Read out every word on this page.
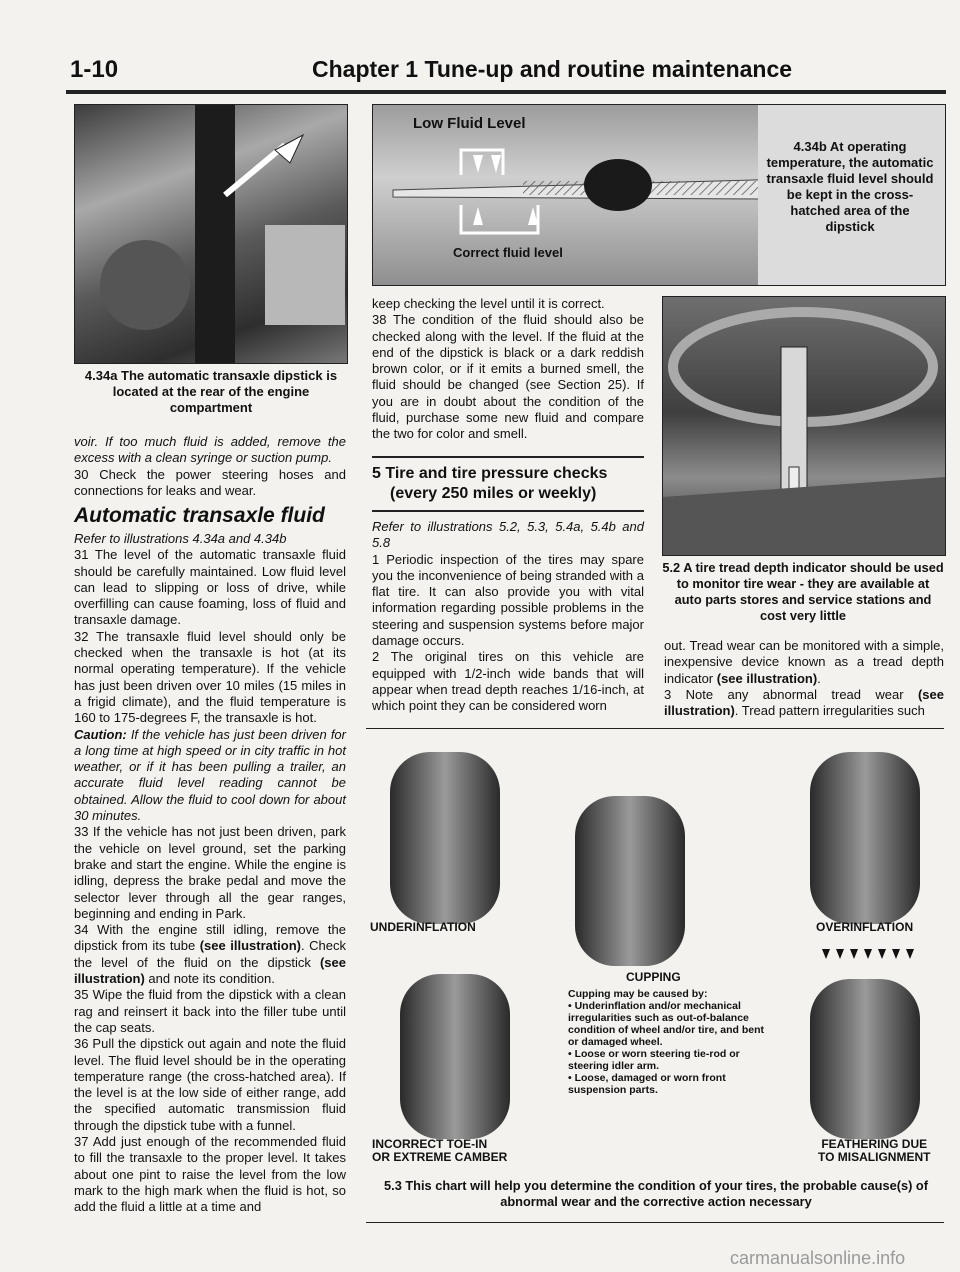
1-10	Chapter 1 Tune-up and routine maintenance
4.34a The automatic transaxle dipstick is located at the rear of the engine compartment

voir. If too much fluid is added, remove the excess with a clean syringe or suction pump.

30 Check the power steering hoses and connections for leaks and wear.

Automatic transaxle fluid

Refer to illustrations 4.34a and 4.34b

31 The level of the automatic transaxle fluid should be carefully maintained. Low fluid level can lead to slipping or loss of drive, while overfilling can cause foaming, loss of fluid and transaxle damage.

32 The transaxle fluid level should only be checked when the transaxle is hot (at its normal operating temperature). If the vehicle has just been driven over 10 miles (15 miles in a frigid climate), and the fluid temperature is 160 to 175-degrees F, the transaxle is hot.

Caution: If the vehicle has just been driven for a long time at high speed or in city traffic in hot weather, or if it has been pulling a trailer, an accurate fluid level reading cannot be obtained. Allow the fluid to cool down for about 30 minutes.

33 If the vehicle has not just been driven, park the vehicle on level ground, set the parking brake and start the engine. While the engine is idling, depress the brake pedal and move the selector lever through all the gear ranges, beginning and ending in Park.

34 With the engine still idling, remove the dipstick from its tube (see illustration). Check the level of the fluid on the dipstick (see illustration) and note its condition.

35 Wipe the fluid from the dipstick with a clean rag and reinsert it back into the filler tube until the cap seats.

36 Pull the dipstick out again and note the fluid level. The fluid level should be in the operating temperature range (the cross-hatched area). If the level is at the low side of either range, add the specified automatic transmission fluid through the dipstick tube with a funnel.

37 Add just enough of the recommended fluid to fill the transaxle to the proper level. It takes about one pint to raise the level from the low mark to the high mark when the fluid is hot, so add the fluid a little at a time and

Low Fluid Level
Correct fluid level
4.34b At operating temperature, the automatic transaxle fluid level should be kept in the cross-hatched area of the dipstick

keep checking the level until it is correct.

38 The condition of the fluid should also be checked along with the level. If the fluid at the end of the dipstick is black or a dark reddish brown color, or if it emits a burned smell, the fluid should be changed (see Section 25). If you are in doubt about the condition of the fluid, purchase some new fluid and compare the two for color and smell.

5 Tire and tire pressure checks
(every 250 miles or weekly)

Refer to illustrations 5.2, 5.3, 5.4a, 5.4b and 5.8

1 Periodic inspection of the tires may spare you the inconvenience of being stranded with a flat tire. It can also provide you with vital information regarding possible problems in the steering and suspension systems before major damage occurs.

2 The original tires on this vehicle are equipped with 1/2-inch wide bands that will appear when tread depth reaches 1/16-inch, at which point they can be considered worn

5.2 A tire tread depth indicator should be used to monitor tire wear - they are available at auto parts stores and service stations and cost very little

out. Tread wear can be monitored with a simple, inexpensive device known as a tread depth indicator (see illustration).

3 Note any abnormal tread wear (see illustration). Tread pattern irregularities such

UNDERINFLATION	OVERINFLATION
CUPPING
Cupping may be caused by:
• Underinflation and/or mechanical irregularities such as out-of-balance condition of wheel and/or tire, and bent or damaged wheel.
• Loose or worn steering tie-rod or steering idler arm.
• Loose, damaged or worn front suspension parts.
INCORRECT TOE-IN
OR EXTREME CAMBER
FEATHERING DUE
TO MISALIGNMENT
5.3 This chart will help you determine the condition of your tires, the probable cause(s) of abnormal wear and the corrective action necessary
carmanualsonline.info
